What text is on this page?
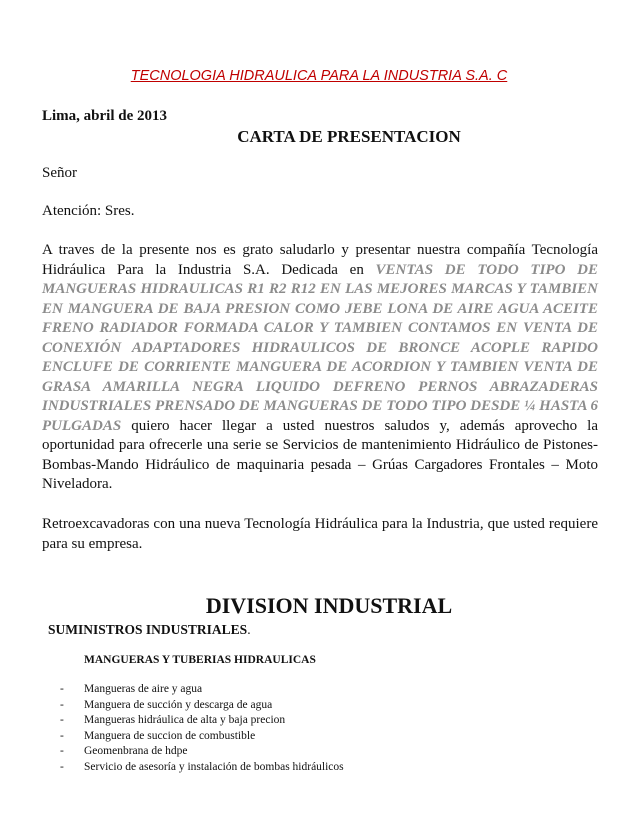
TECNOLOGIA HIDRAULICA PARA LA INDUSTRIA S.A. C
Lima, abril de 2013
CARTA DE PRESENTACION
Señor
Atención: Sres.

A traves de la presente nos es grato saludarlo y presentar nuestra compañía Tecnología Hidráulica Para la Industria S.A. Dedicada en VENTAS DE TODO TIPO DE MANGUERAS HIDRAULICAS R1 R2 R12 EN LAS MEJORES MARCAS Y TAMBIEN EN MANGUERA DE BAJA PRESION COMO JEBE LONA DE AIRE AGUA ACEITE FRENO RADIADOR FORMADA CALOR Y TAMBIEN CONTAMOS EN VENTA DE CONEXIÓN ADAPTADORES HIDRAULICOS DE BRONCE ACOPLE RAPIDO ENCLUFE DE CORRIENTE MANGUERA DE ACORDION Y TAMBIEN VENTA DE GRASA AMARILLA NEGRA LIQUIDO DEFRENO PERNOS ABRAZADERAS INDUSTRIALES PRENSADO DE MANGUERAS DE TODO TIPO DESDE ¼ HASTA 6 PULGADAS quiero hacer llegar a usted nuestros saludos y, además aprovecho la oportunidad para ofrecerle una serie se Servicios de mantenimiento Hidráulico de Pistones-Bombas-Mando Hidráulico de maquinaria pesada – Grúas Cargadores Frontales – Moto Niveladora.

Retroexcavadoras con una nueva Tecnología Hidráulica para la Industria, que usted requiere para su empresa.

DIVISION INDUSTRIAL
SUMINISTROS INDUSTRIALES.
MANGUERAS Y TUBERIAS HIDRAULICAS
-	Mangueras de aire y agua
-	Manguera de succión y descarga de agua
-	Mangueras hidráulica de alta y baja precion
-	Manguera de succion de combustible
-	Geomenbrana de hdpe
-	Servicio de asesoría y instalación de bombas hidráulicos
